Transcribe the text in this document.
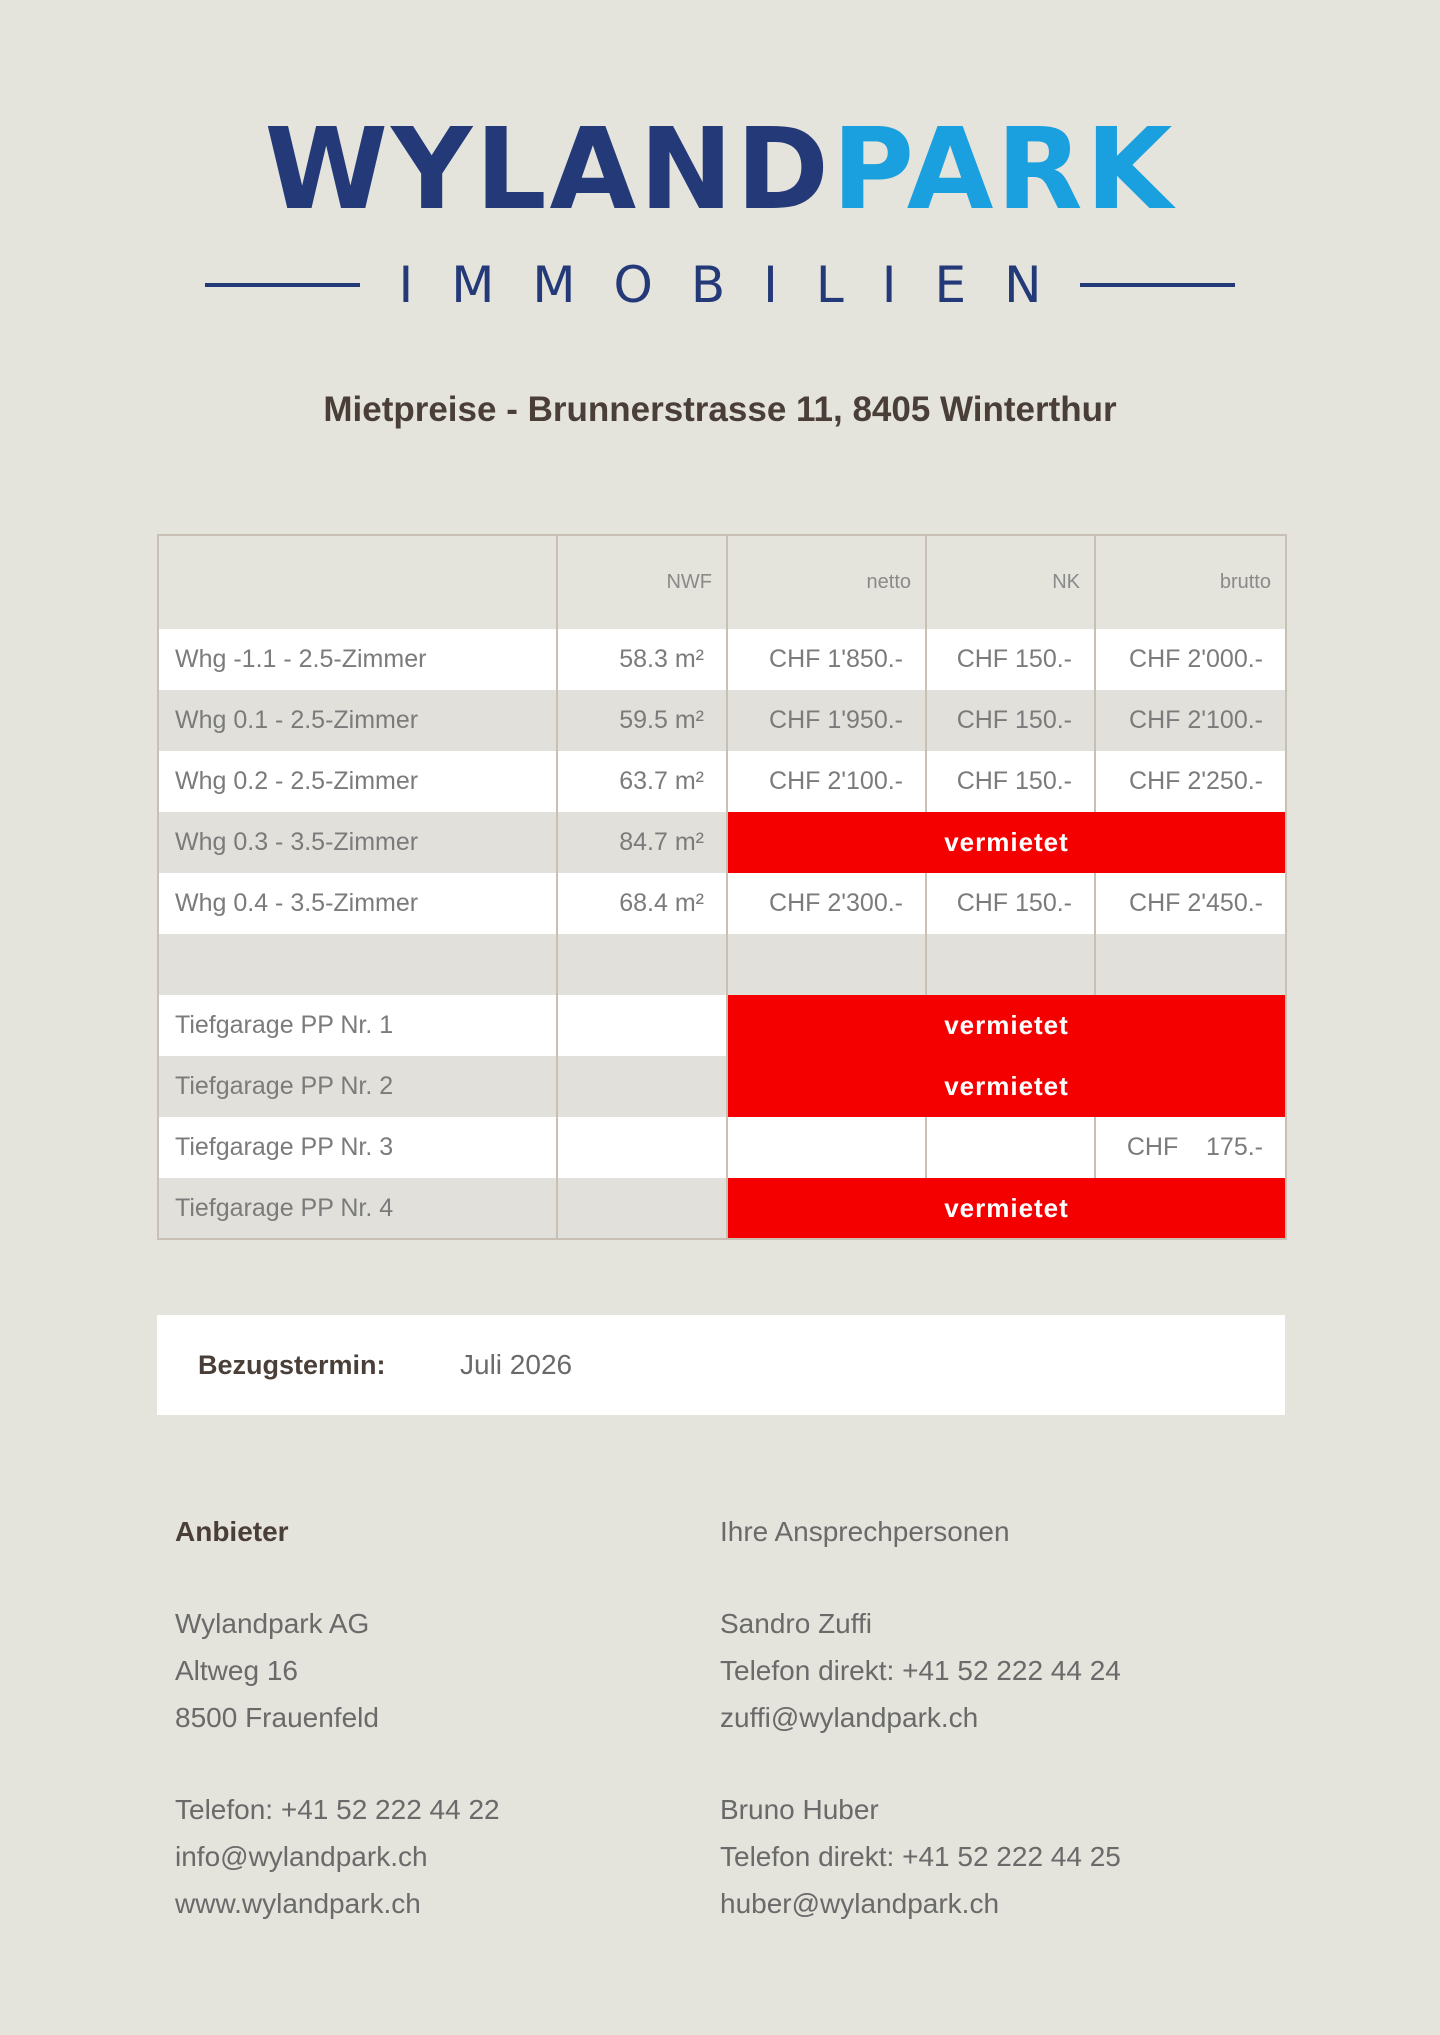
WYLANDPARK
IMMOBILIEN
Mietpreise - Brunnerstrasse 11, 8405 Winterthur
	NWF	netto	NK	brutto
Whg -1.1 - 2.5-Zimmer	58.3 m²	CHF 1'850.-	CHF 150.-	CHF 2'000.-
Whg 0.1 - 2.5-Zimmer	59.5 m²	CHF 1'950.-	CHF 150.-	CHF 2'100.-
Whg 0.2 - 2.5-Zimmer	63.7 m²	CHF 2'100.-	CHF 150.-	CHF 2'250.-
Whg 0.3 - 3.5-Zimmer	84.7 m²	vermietet		
Whg 0.4 - 3.5-Zimmer	68.4 m²	CHF 2'300.-	CHF 150.-	CHF 2'450.-

Tiefgarage PP Nr. 1		vermietet		
Tiefgarage PP Nr. 2		vermietet		
Tiefgarage PP Nr. 3				CHF    175.-
Tiefgarage PP Nr. 4		vermietet		
Bezugstermin:	Juli 2026
Anbieter
Wylandpark AG
Altweg 16
8500 Frauenfeld
Telefon: +41 52 222 44 22
info@wylandpark.ch
www.wylandpark.ch
Ihre Ansprechpersonen
Sandro Zuffi
Telefon direkt: +41 52 222 44 24
zuffi@wylandpark.ch
Bruno Huber
Telefon direkt: +41 52 222 44 25
huber@wylandpark.ch
